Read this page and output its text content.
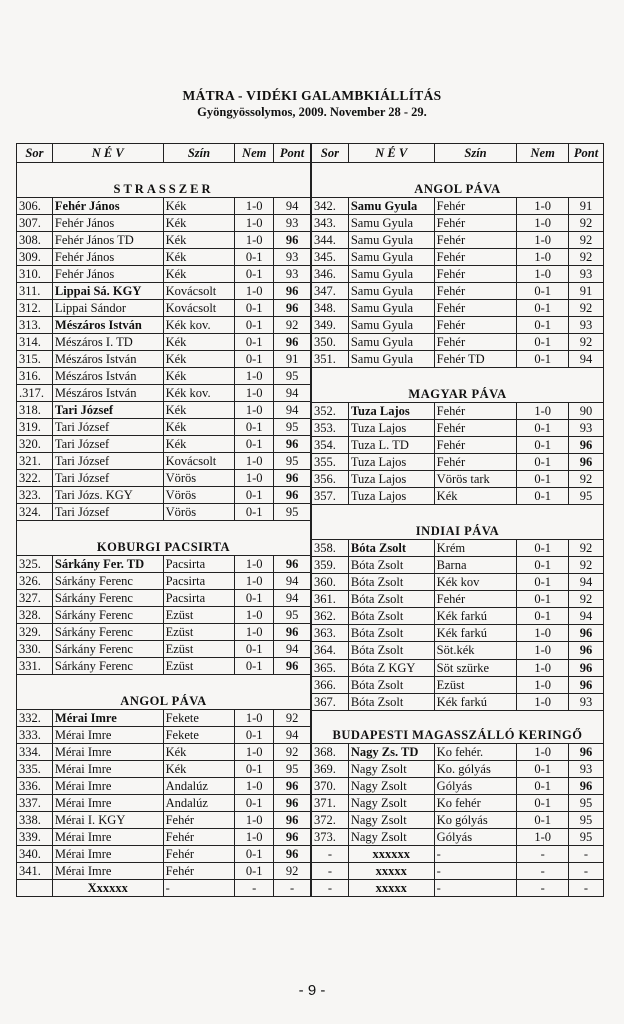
MÁTRA - VIDÉKI GALAMBKIÁLLÍTÁS
Gyöngyössolymos, 2009. November 28 - 29.
Sor	N É V	Szín	Nem	Pont
STRASSZER				
306.	Fehér János	Kék	1-0	94
307.	Fehér János	Kék	1-0	93
308.	Fehér János TD	Kék	1-0	96
309.	Fehér János	Kék	0-1	93
310.	Fehér János	Kék	0-1	93
311.	Lippai Sá. KGY	Kovácsolt	1-0	96
312.	Lippai Sándor	Kovácsolt	0-1	96
313.	Mészáros István	Kék kov.	0-1	92
314.	Mészáros I. TD	Kék	0-1	96
315.	Mészáros István	Kék	0-1	91
316.	Mészáros István	Kék	1-0	95
.317.	Mészáros István	Kék kov.	1-0	94
318.	Tari József	Kék	1-0	94
319.	Tari József	Kék	0-1	95
320.	Tari József	Kék	0-1	96
321.	Tari József	Kovácsolt	1-0	95
322.	Tari József	Vörös	1-0	96
323.	Tari Józs. KGY	Vörös	0-1	96
324.	Tari József	Vörös	0-1	95
KOBURGI PACSIRTA				
325.	Sárkány Fer. TD	Pacsirta	1-0	96
326.	Sárkány Ferenc	Pacsirta	1-0	94
327.	Sárkány Ferenc	Pacsirta	0-1	94
328.	Sárkány Ferenc	Ezüst	1-0	95
329.	Sárkány Ferenc	Ezüst	1-0	96
330.	Sárkány Ferenc	Ezüst	0-1	94
331.	Sárkány Ferenc	Ezüst	0-1	96
ANGOL PÁVA				
332.	Mérai Imre	Fekete	1-0	92
333.	Mérai Imre	Fekete	0-1	94
334.	Mérai Imre	Kék	1-0	92
335.	Mérai Imre	Kék	0-1	95
336.	Mérai Imre	Andalúz	1-0	96
337.	Mérai Imre	Andalúz	0-1	96
338.	Mérai I. KGY	Fehér	1-0	96
339.	Mérai Imre	Fehér	1-0	96
340.	Mérai Imre	Fehér	0-1	96
341.	Mérai Imre	Fehér	0-1	92
	Xxxxxx	-	-	-
Sor	N É V	Szín	Nem	Pont
ANGOL PÁVA				
342.	Samu Gyula	Fehér	1-0	91
343.	Samu Gyula	Fehér	1-0	92
344.	Samu Gyula	Fehér	1-0	92
345.	Samu Gyula	Fehér	1-0	92
346.	Samu Gyula	Fehér	1-0	93
347.	Samu Gyula	Fehér	0-1	91
348.	Samu Gyula	Fehér	0-1	92
349.	Samu Gyula	Fehér	0-1	93
350.	Samu Gyula	Fehér	0-1	92
351.	Samu Gyula	Fehér TD	0-1	94
MAGYAR PÁVA				
352.	Tuza Lajos	Fehér	1-0	90
353.	Tuza Lajos	Fehér	0-1	93
354.	Tuza L. TD	Fehér	0-1	96
355.	Tuza Lajos	Fehér	0-1	96
356.	Tuza Lajos	Vörös tark	0-1	92
357.	Tuza Lajos	Kék	0-1	95
INDIAI PÁVA				
358.	Bóta Zsolt	Krém	0-1	92
359.	Bóta Zsolt	Barna	0-1	92
360.	Bóta Zsolt	Kék kov	0-1	94
361.	Bóta Zsolt	Fehér	0-1	92
362.	Bóta Zsolt	Kék farkú	0-1	94
363.	Bóta Zsolt	Kék farkú	1-0	96
364.	Bóta Zsolt	Söt.kék	1-0	96
365.	Bóta Z KGY	Söt szürke	1-0	96
366.	Bóta Zsolt	Ezüst	1-0	96
367.	Bóta Zsolt	Kék farkú	1-0	93
BUDAPESTI MAGASSZÁLLÓ KERINGŐ				
368.	Nagy Zs. TD	Ko fehér.	1-0	96
369.	Nagy Zsolt	Ko. gólyás	0-1	93
370.	Nagy Zsolt	Gólyás	0-1	96
371.	Nagy Zsolt	Ko fehér	0-1	95
372.	Nagy Zsolt	Ko gólyás	0-1	95
373.	Nagy Zsolt	Gólyás	1-0	95
-	xxxxxx	-	-	-
-	xxxxx	-	-	-
-	xxxxx	-	-	-
- 9 -
